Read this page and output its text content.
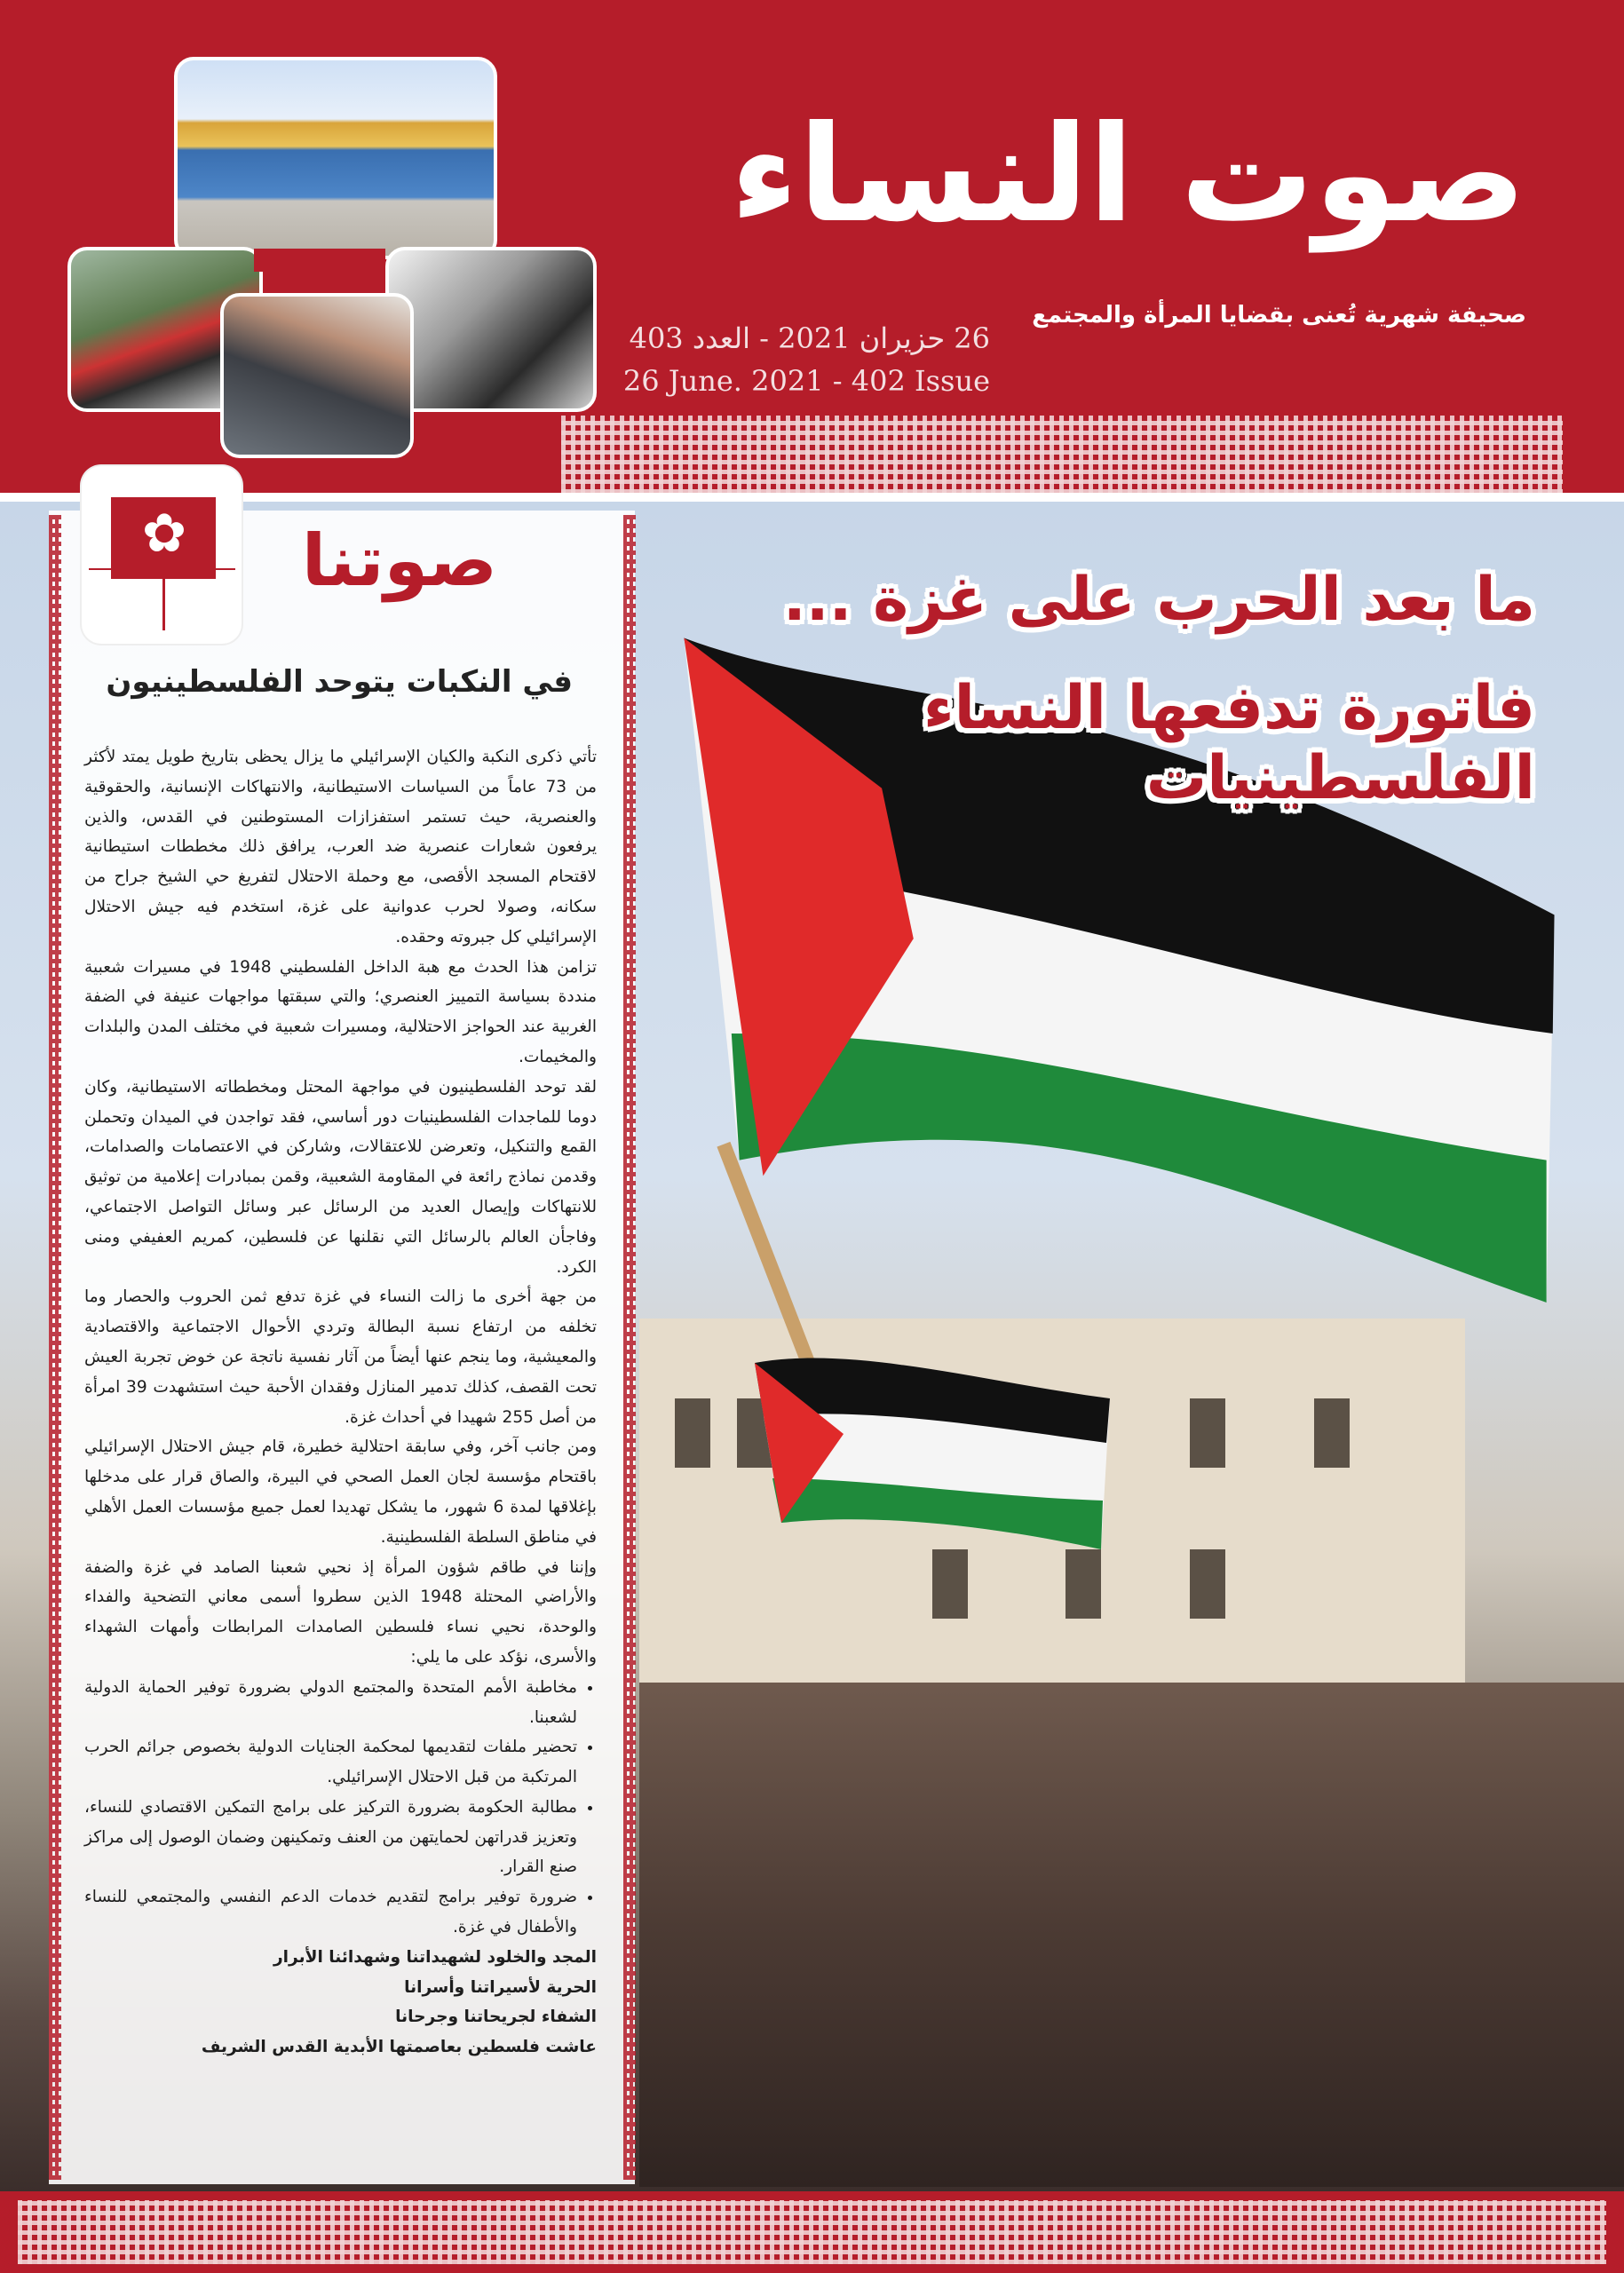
صوت النساء
صحيفة شهرية تُعنى بقضايا المرأة والمجتمع
26 حزيران 2021 - العدد 403
26 June. 2021 - 402 Issue
ما بعد الحرب على غزة ...
فاتورة تدفعها النساء الفلسطينيات
✿	صوتنا
في النكبات يتوحد الفلسطينيون

تأتي ذكرى النكبة والكيان الإسرائيلي ما يزال يحظى بتاريخ طويل يمتد لأكثر من 73 عاماً من السياسات الاستيطانية، والانتهاكات الإنسانية، والحقوقية والعنصرية، حيث تستمر استفزازات المستوطنين في القدس، والذين يرفعون شعارات عنصرية ضد العرب، يرافق ذلك مخططات استيطانية لاقتحام المسجد الأقصى، مع وحملة الاحتلال لتفريغ حي الشيخ جراح من سكانه، وصولا لحرب عدوانية على غزة، استخدم فيه جيش الاحتلال الإسرائيلي كل جبروته وحقده.

تزامن هذا الحدث مع هبة الداخل الفلسطيني 1948 في مسيرات شعبية منددة بسياسة التمييز العنصري؛ والتي سبقتها مواجهات عنيفة في الضفة الغربية عند الحواجز الاحتلالية، ومسيرات شعبية في مختلف المدن والبلدات والمخيمات.

لقد توحد الفلسطينيون في مواجهة المحتل ومخططاته الاستيطانية، وكان دوما للماجدات الفلسطينيات دور أساسي، فقد تواجدن في الميدان وتحملن القمع والتنكيل، وتعرضن للاعتقالات، وشاركن في الاعتصامات والصدامات، وقدمن نماذج رائعة في المقاومة الشعبية، وقمن بمبادرات إعلامية من توثيق للانتهاكات وإيصال العديد من الرسائل عبر وسائل التواصل الاجتماعي، وفاجأن العالم بالرسائل التي نقلنها عن فلسطين، كمريم العفيفي ومنى الكرد.

من جهة أخرى ما زالت النساء في غزة تدفع ثمن الحروب والحصار وما تخلفه من ارتفاع نسبة البطالة وتردي الأحوال الاجتماعية والاقتصادية والمعيشية، وما ينجم عنها أيضاً من آثار نفسية ناتجة عن خوض تجربة العيش تحت القصف، كذلك تدمير المنازل وفقدان الأحبة حيث استشهدت 39 امرأة من أصل 255 شهيدا في أحداث غزة.

ومن جانب آخر، وفي سابقة احتلالية خطيرة، قام جيش الاحتلال الإسرائيلي باقتحام مؤسسة لجان العمل الصحي في البيرة، والصاق قرار على مدخلها بإغلاقها لمدة 6 شهور، ما يشكل تهديدا لعمل جميع مؤسسات العمل الأهلي في مناطق السلطة الفلسطينية.

وإننا في طاقم شؤون المرأة إذ نحيي شعبنا الصامد في غزة والضفة والأراضي المحتلة 1948 الذين سطروا أسمى معاني التضحية والفداء والوحدة، نحيي نساء فلسطين الصامدات المرابطات وأمهات الشهداء والأسرى، نؤكد على ما يلي:

• مخاطبة الأمم المتحدة والمجتمع الدولي بضرورة توفير الحماية الدولية لشعبنا.
• تحضير ملفات لتقديمها لمحكمة الجنايات الدولية بخصوص جرائم الحرب المرتكبة من قبل الاحتلال الإسرائيلي.
• مطالبة الحكومة بضرورة التركيز على برامج التمكين الاقتصادي للنساء، وتعزيز قدراتهن لحمايتهن من العنف وتمكينهن وضمان الوصول إلى مراكز صنع القرار.
• ضرورة توفير برامج لتقديم خدمات الدعم النفسي والمجتمعي للنساء والأطفال في غزة.

المجد والخلود لشهيداتنا وشهدائنا الأبرار

الحرية لأسيراتنا وأسرانا

الشفاء لجريحاتنا وجرحانا

عاشت فلسطين بعاصمتها الأبدية القدس الشريف
